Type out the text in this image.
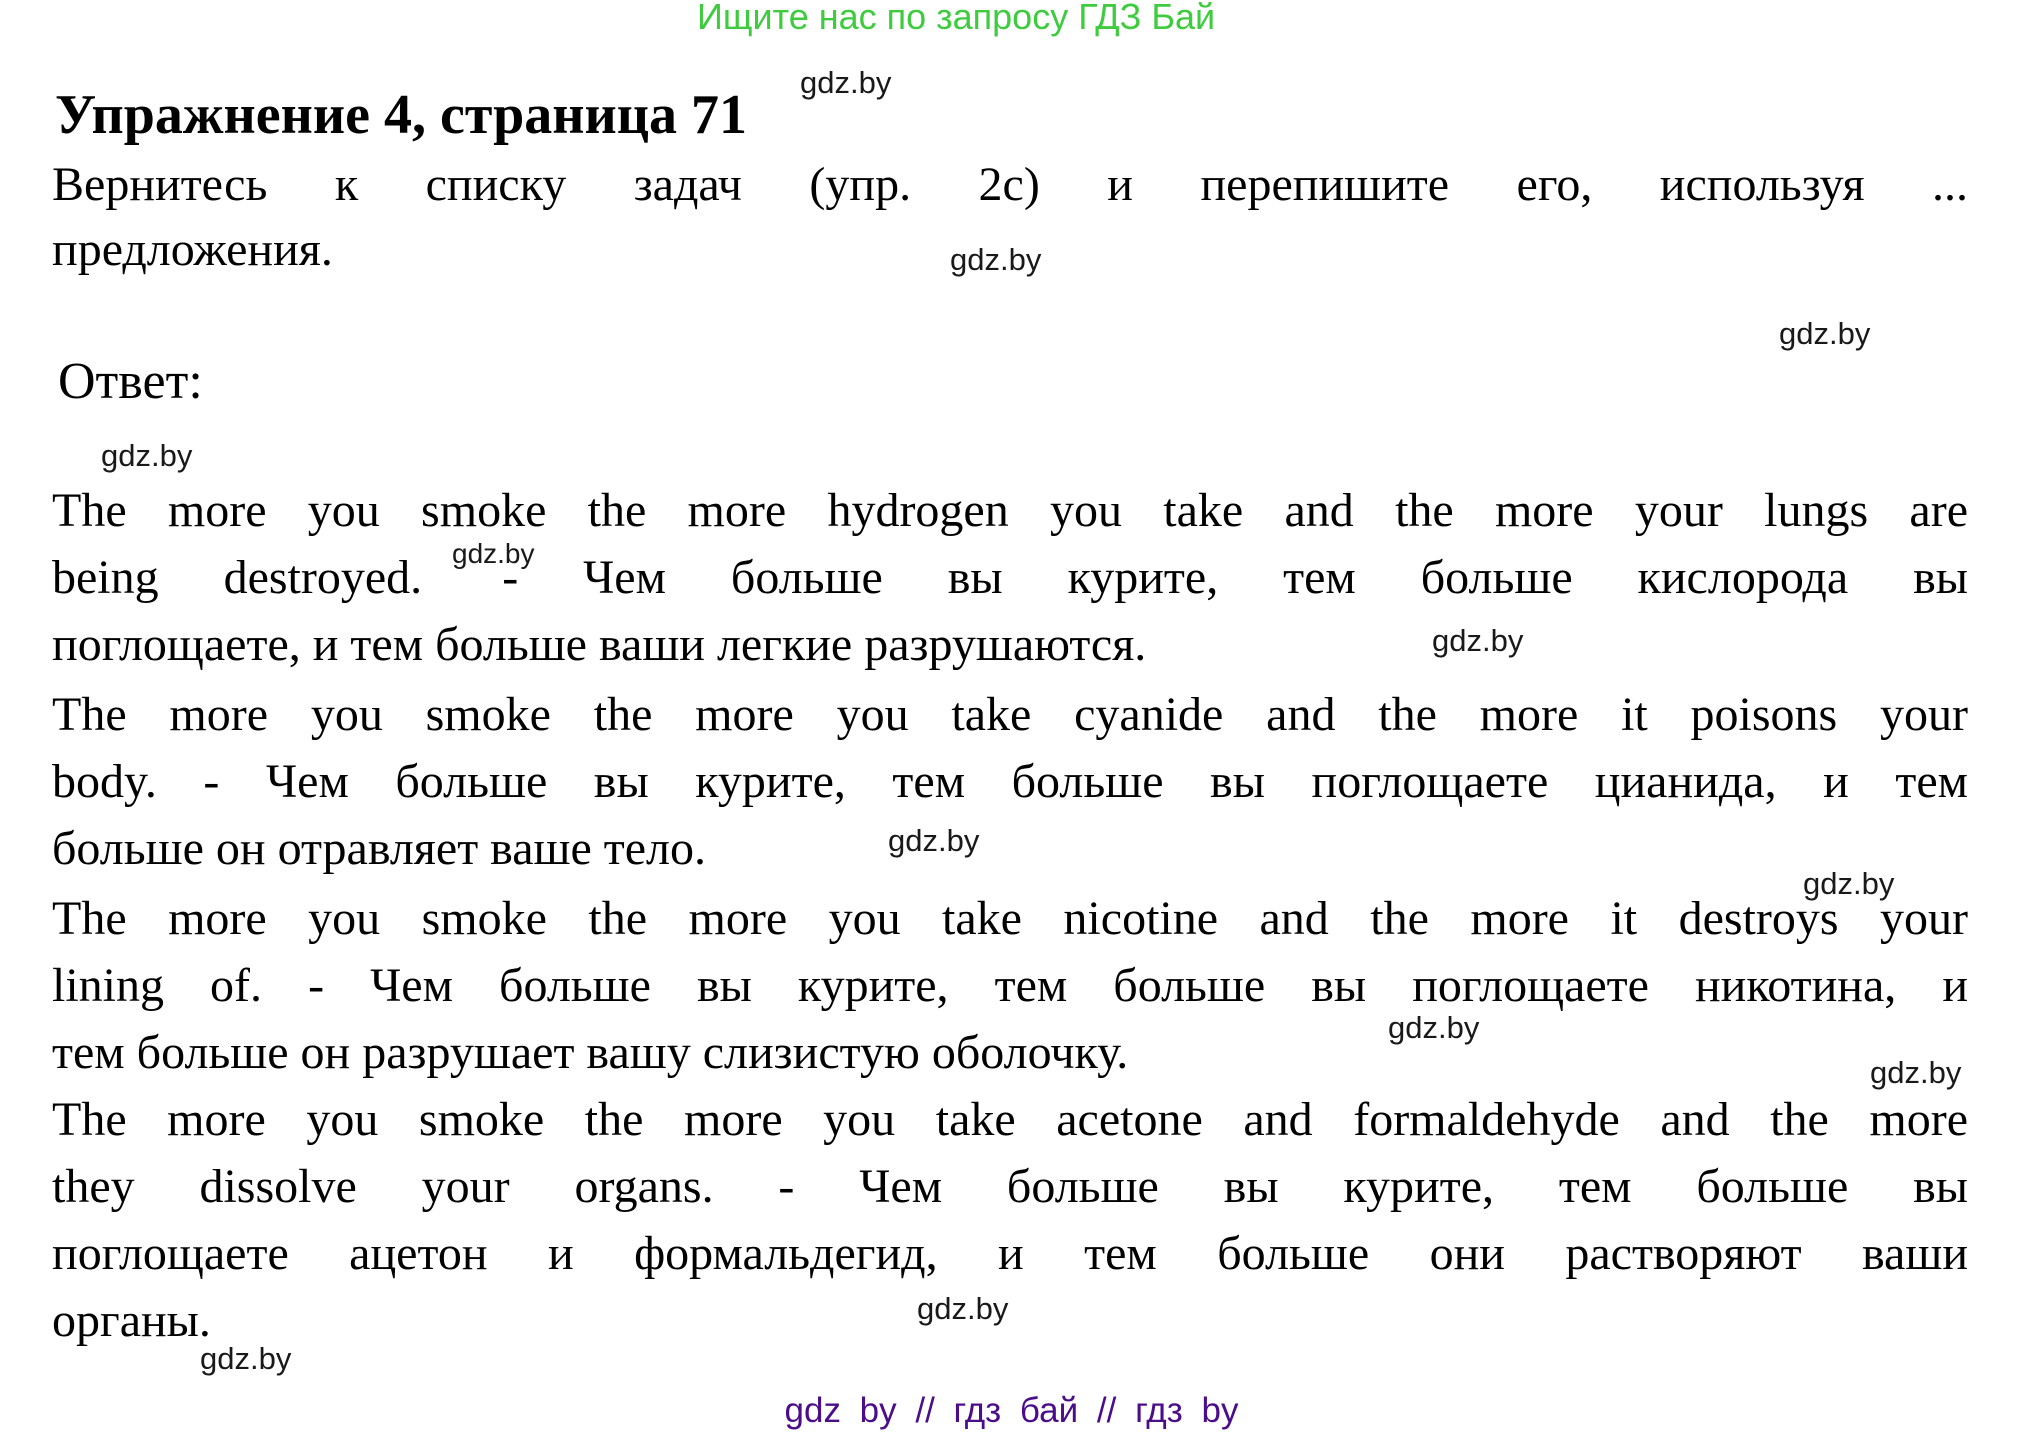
Ищите нас по запросу ГДЗ Бай
gdz.by
gdz.by
gdz.by
gdz.by
gdz.by
gdz.by
gdz.by
gdz.by
gdz.by
gdz.by
gdz.by
gdz.by
Упражнение 4, страница 71
Вернитесь к списку задач (упр. 2с) и перепишите его, используя ...
предложения.
Ответ:
The more you smoke the more hydrogen you take and the more your lungs are
being destroyed. - Чем больше вы курите, тем больше кислорода вы
поглощаете, и тем больше ваши легкие разрушаются.
The more you smoke the more you take cyanide and the more it poisons your
body. - Чем больше вы курите, тем больше вы поглощаете цианида, и тем
больше он отравляет ваше тело.
The more you smoke the more you take nicotine and the more it destroys your
lining of. - Чем больше вы курите, тем больше вы поглощаете никотина, и
тем больше он разрушает вашу слизистую оболочку.
The more you smoke the more you take acetone and formaldehyde and the more
they dissolve your organs. - Чем больше вы курите, тем больше вы
поглощаете ацетон и формальдегид, и тем больше они растворяют ваши
органы.
gdz by // гдз бай // гдз by
